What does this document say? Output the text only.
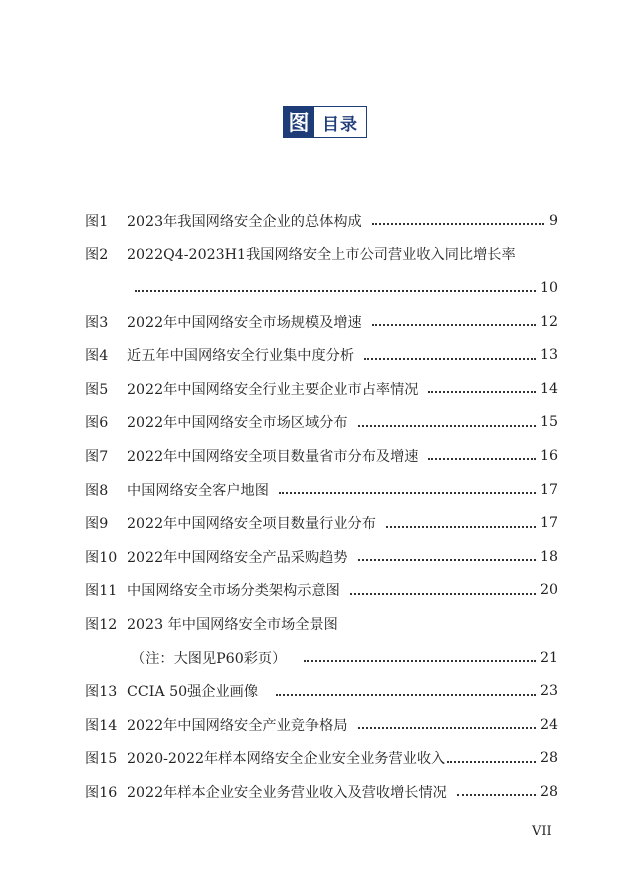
图 目录
图1	2023年我国网络安全企业的总体构成	9
图2	2022Q4-2023H1我国网络安全上市公司营业收入同比增长率
10
图3	2022年中国网络安全市场规模及增速	12
图4	近五年中国网络安全行业集中度分析	13
图5	2022年中国网络安全行业主要企业市占率情况	14
图6	2022年中国网络安全市场区域分布	15
图7	2022年中国网络安全项目数量省市分布及增速	16
图8	中国网络安全客户地图	17
图9	2022年中国网络安全项目数量行业分布	17
图10 2022年中国网络安全产品采购趋势	18
图11 中国网络安全市场分类架构示意图	20
图12 2023 年中国网络安全市场全景图
（注：大图见P60彩页）	21
图13 CCIA 50强企业画像	23
图14 2022年中国网络安全产业竞争格局	24
图15 2020-2022年样本网络安全企业安全业务营业收入	28
图16 2022年样本企业安全业务营业收入及营收增长情况	28
VII
